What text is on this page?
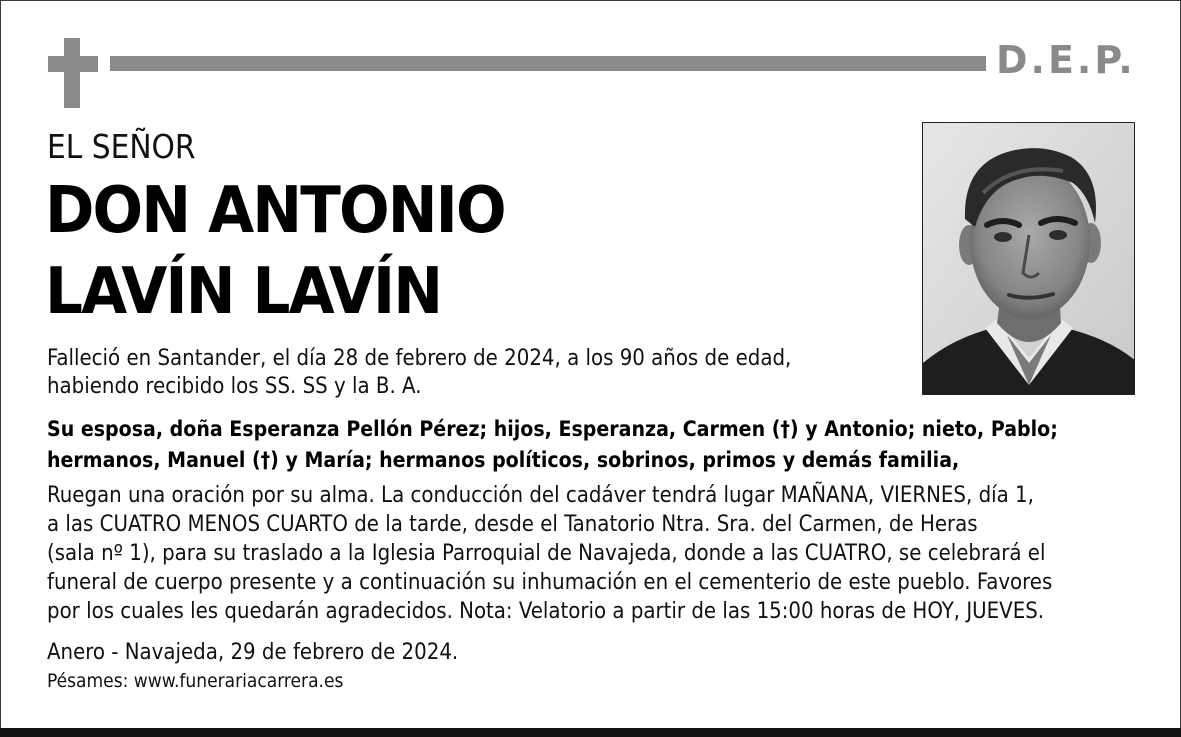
D.E.P.
EL SEÑOR
DON ANTONIO
LAVÍN LAVÍN
Falleció en Santander, el día 28 de febrero de 2024, a los 90 años de edad,
habiendo recibido los SS. SS y la B. A.
Su esposa, doña Esperanza Pellón Pérez; hijos, Esperanza, Carmen (†) y Antonio; nieto, Pablo;
hermanos, Manuel (†) y María; hermanos políticos, sobrinos, primos y demás familia,
Ruegan una oración por su alma. La conducción del cadáver tendrá lugar MAÑANA, VIERNES, día 1,
a las CUATRO MENOS CUARTO de la tarde, desde el Tanatorio Ntra. Sra. del Carmen, de Heras
(sala nº 1), para su traslado a la Iglesia Parroquial de Navajeda, donde a las CUATRO, se celebrará el
funeral de cuerpo presente y a continuación su inhumación en el cementerio de este pueblo. Favores
por los cuales les quedarán agradecidos. Nota: Velatorio a partir de las 15:00 horas de HOY, JUEVES.
Anero - Navajeda, 29 de febrero de 2024.
Pésames: www.funerariacarrera.es
